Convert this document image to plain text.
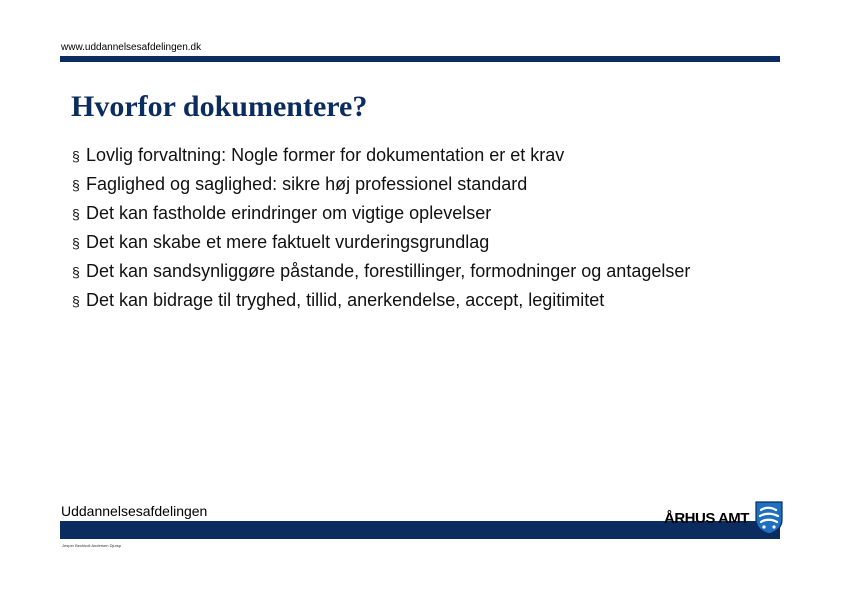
www.uddannelsesafdelingen.dk
Hvorfor dokumentere?
§ Lovlig forvaltning: Nogle former for dokumentation er et krav
§ Faglighed og saglighed: sikre høj professionel standard
§ Det kan fastholde erindringer om vigtige oplevelser
§ Det kan skabe et mere faktuelt vurderingsgrundlag
§ Det kan sandsynliggøre påstande, forestillinger, formodninger og antagelser
§ Det kan bidrage til tryghed, tillid, anerkendelse, accept, legitimitet
Uddannelsesafdelingen
Jesper Bechkolt Andersen Djursp
ÅRHUS AMT
